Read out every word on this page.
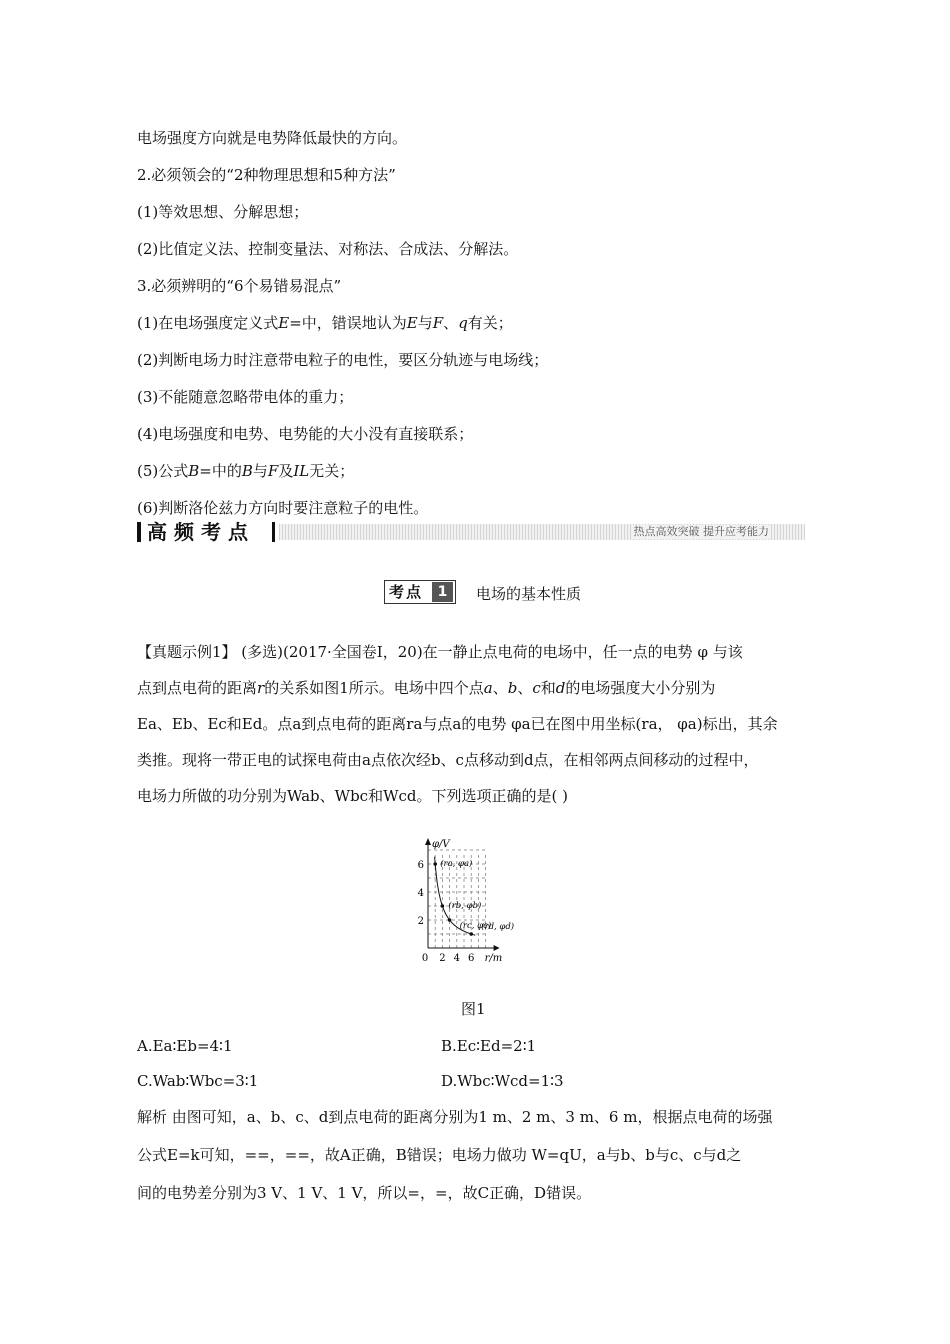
电场强度方向就是电势降低最快的方向。
2.必须领会的“2种物理思想和5种方法”
(1)等效思想、分解思想；
(2)比值定义法、控制变量法、对称法、合成法、分解法。
3.必须辨明的“6个易错易混点”
(1)在电场强度定义式E=中，错误地认为E与F、q有关；
(2)判断电场力时注意带电粒子的电性，要区分轨迹与电场线；
(3)不能随意忽略带电体的重力；
(4)电场强度和电势、电势能的大小没有直接联系；
(5)公式B=中的B与F及IL无关；
(6)判断洛伦兹力方向时要注意粒子的电性。
高频考点	热点高效突破 提升应考能力
考点	1	电场的基本性质
【真题示例1】 (多选)(2017·全国卷Ⅰ，20)在一静止点电荷的电场中，任一点的电势 φ 与该
点到点电荷的距离r的关系如图1所示。电场中四个点a、b、c和d的电场强度大小分别为
Ea、Eb、Ec和Ed。点a到点电荷的距离ra与点a的电势 φa已在图中用坐标(ra， φa)标出，其余
类推。现将一带正电的试探电荷由a点依次经b、c点移动到d点，在相邻两点间移动的过程中，
电场力所做的功分别为Wab、Wbc和Wcd。下列选项正确的是( )
φ/V
r/m
0 2 4 6
2
4
6 (ra, φa)
(rb, φb)
(rc, φc)
(rd, φd)
图1
A.Ea∶Eb=4∶1	B.Ec∶Ed=2∶1
C.Wab∶Wbc=3∶1	D.Wbc∶Wcd=1∶3
解析 由图可知，a、b、c、d到点电荷的距离分别为1 m、2 m、3 m、6 m，根据点电荷的场强
公式E=k可知，==，==，故A正确，B错误；电场力做功 W=qU，a与b、b与c、c与d之
间的电势差分别为3 V、1 V、1 V，所以=，=，故C正确，D错误。
